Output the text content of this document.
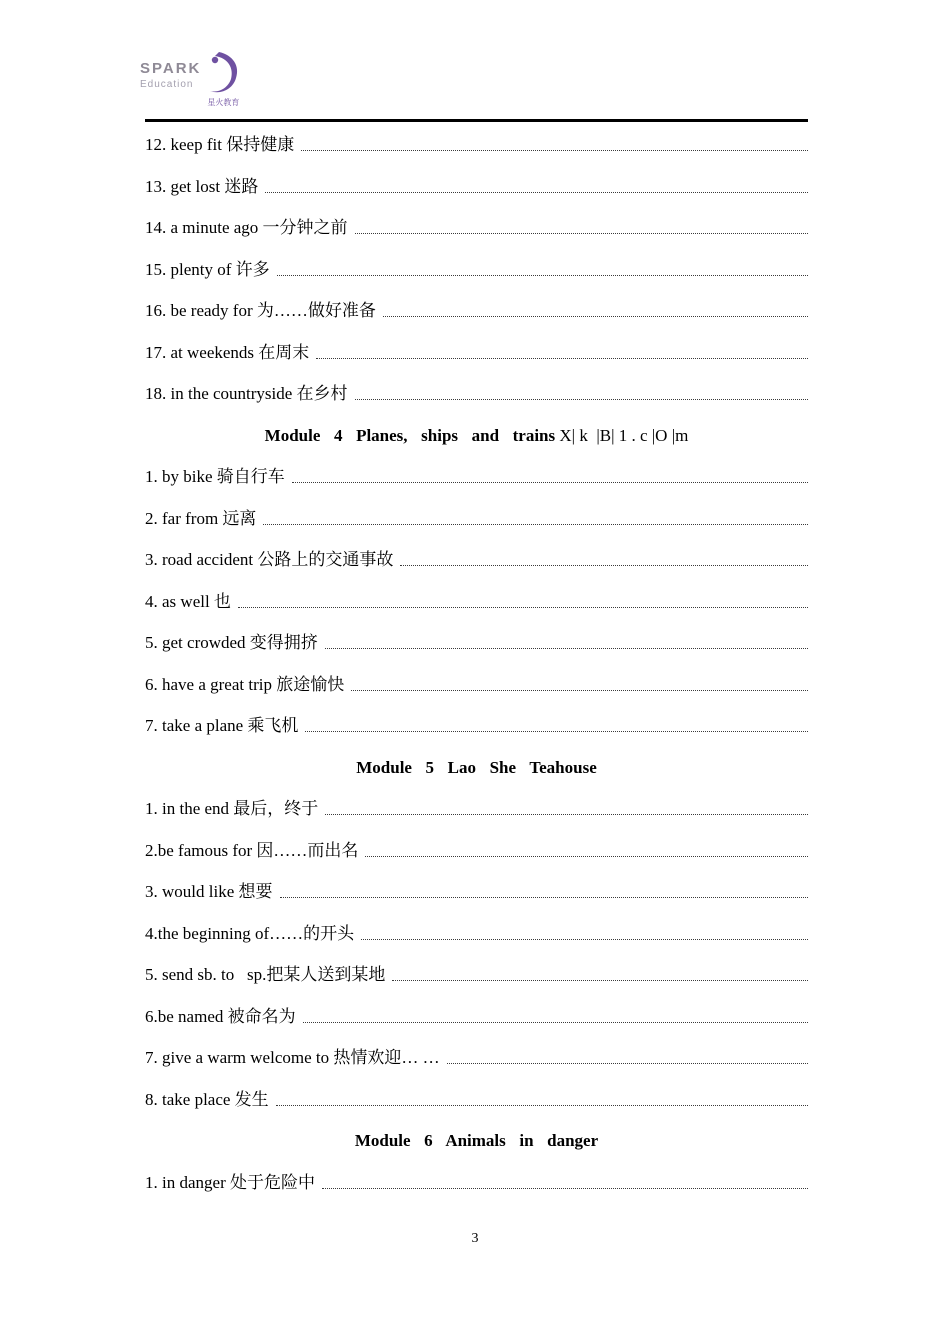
SPARK
Education
星火教育
12. keep fit 保持健康
13. get lost 迷路
14. a minute ago 一分钟之前
15. plenty of 许多
16. be ready for 为……做好准备
17. at weekends 在周末
18. in the countryside 在乡村
Module 4 Planes, ships and trains X| k  |B| 1 . c |O |m
1. by bike 骑自行车
2. far from 远离
3. road accident 公路上的交通事故
4. as well 也
5. get crowded 变得拥挤
6. have a great trip 旅途愉快
7. take a plane 乘飞机
Module 5 Lao She Teahouse
1. in the end 最后，终于
2.be famous for 因……而出名
3. would like 想要
4.the beginning of……的开头
5. send sb. to   sp.把某人送到某地
6.be named 被命名为
7. give a warm welcome to 热情欢迎… …
8. take place 发生
Module 6 Animals in danger
1. in danger 处于危险中
3
